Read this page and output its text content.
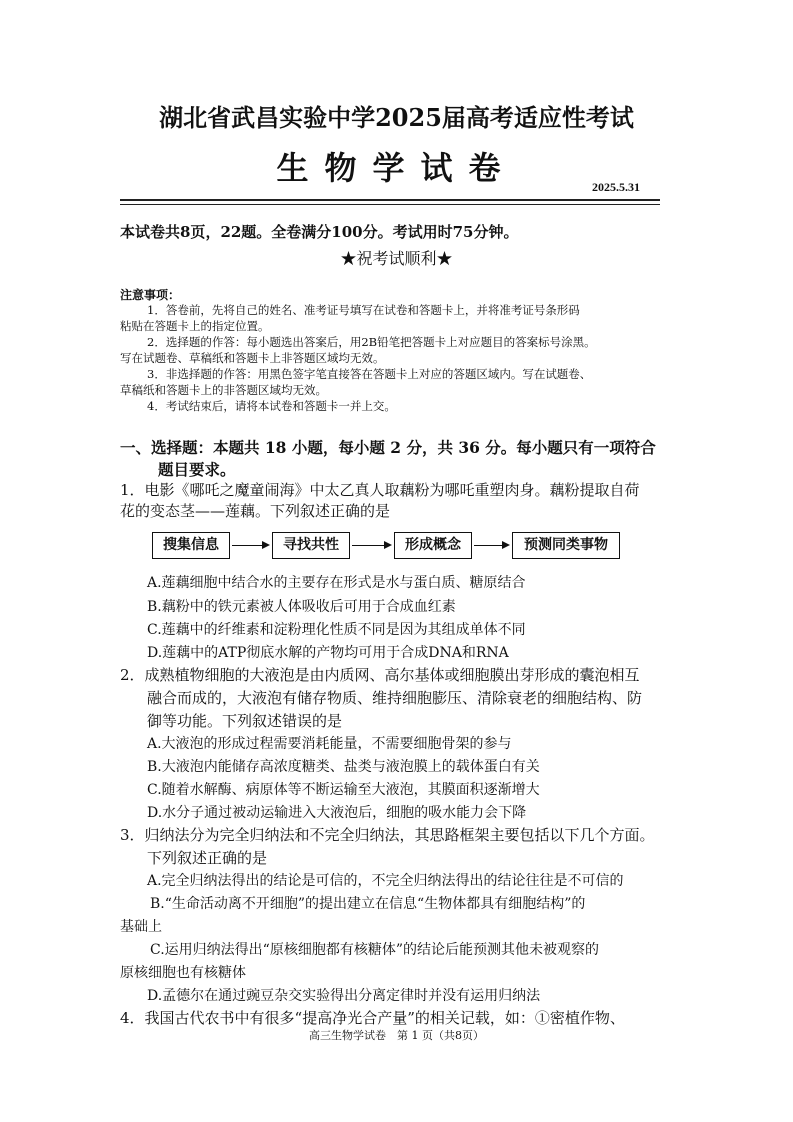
湖北省武昌实验中学2025届高考适应性考试
生物学试卷	2025.5.31
本试卷共8页，22题。全卷满分100分。考试用时75分钟。
★祝考试顺利★
注意事项：
1．答卷前，先将自己的姓名、准考证号填写在试卷和答题卡上，并将准考证号条形码
粘贴在答题卡上的指定位置。
2．选择题的作答：每小题选出答案后，用2B铅笔把答题卡上对应题目的答案标号涂黑。
写在试题卷、草稿纸和答题卡上非答题区域均无效。
3．非选择题的作答：用黑色签字笔直接答在答题卡上对应的答题区域内。写在试题卷、
草稿纸和答题卡上的非答题区域均无效。
4．考试结束后，请将本试卷和答题卡一并上交。
一、选择题：本题共 18 小题，每小题 2 分，共 36 分。每小题只有一项符合
题目要求。
1．电影《哪吒之魔童闹海》中太乙真人取藕粉为哪吒重塑肉身。藕粉提取自荷
花的变态茎——莲藕。下列叙述正确的是
搜集信息	寻找共性	形成概念	预测同类事物
A.莲藕细胞中结合水的主要存在形式是水与蛋白质、糖原结合
B.藕粉中的铁元素被人体吸收后可用于合成血红素
C.莲藕中的纤维素和淀粉理化性质不同是因为其组成单体不同
D.莲藕中的ATP彻底水解的产物均可用于合成DNA和RNA
2．成熟植物细胞的大液泡是由内质网、高尔基体或细胞膜出芽形成的囊泡相互
融合而成的，大液泡有储存物质、维持细胞膨压、清除衰老的细胞结构、防
御等功能。下列叙述错误的是
A.大液泡的形成过程需要消耗能量，不需要细胞骨架的参与
B.大液泡内能储存高浓度糖类、盐类与液泡膜上的载体蛋白有关
C.随着水解酶、病原体等不断运输至大液泡，其膜面积逐渐增大
D.水分子通过被动运输进入大液泡后，细胞的吸水能力会下降
3．归纳法分为完全归纳法和不完全归纳法，其思路框架主要包括以下几个方面。
下列叙述正确的是
A.完全归纳法得出的结论是可信的，不完全归纳法得出的结论往往是不可信的
B.“生命活动离不开细胞”的提出建立在信息“生物体都具有细胞结构”的
基础上
C.运用归纳法得出“原核细胞都有核糖体”的结论后能预测其他未被观察的
原核细胞也有核糖体
D.孟德尔在通过豌豆杂交实验得出分离定律时并没有运用归纳法
4．我国古代农书中有很多“提高净光合产量”的相关记载，如：①密植作物、
高三生物学试卷　第 1 页（共8页）
